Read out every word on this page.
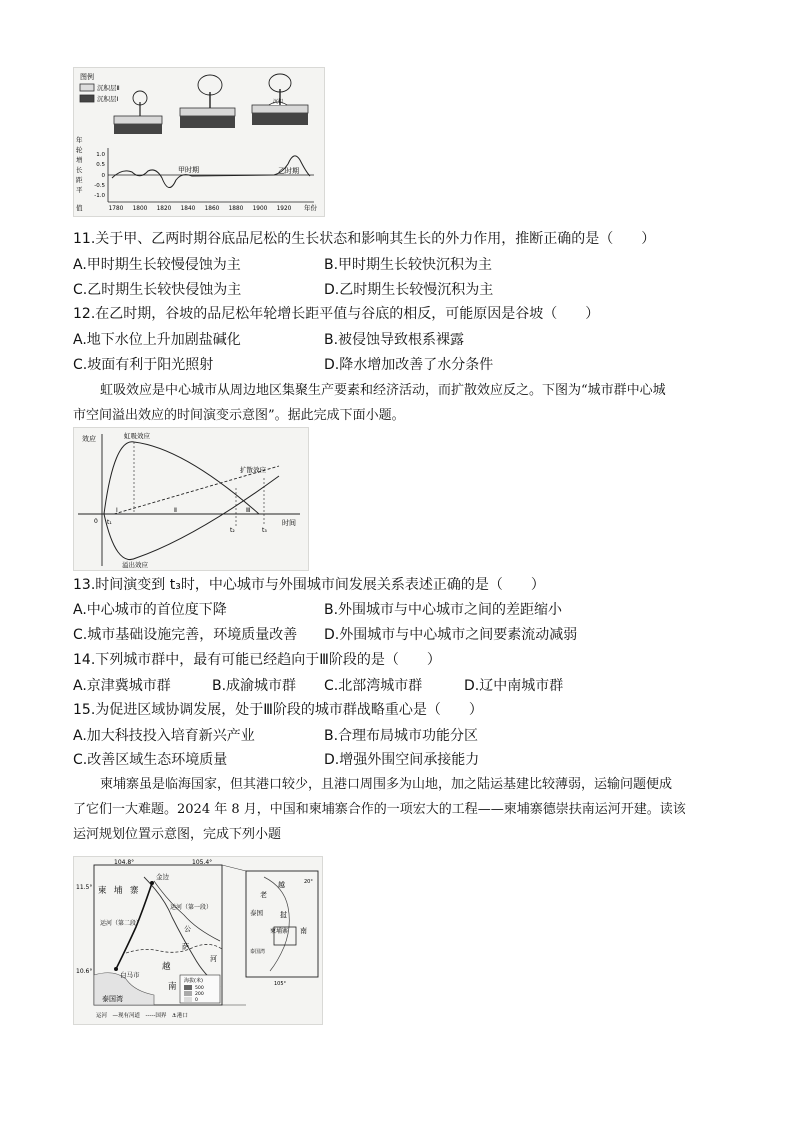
图例
沉积层Ⅱ
沉积层Ⅰ	沉积
年
轮
增
长
距
平
值
1.0
0.5
0
-0.5
-1.0
甲时期	乙时期
1780 1800 1820 1840 1860 1880 1900 1920 年份
11.关于甲、乙两时期谷底品尼松的生长状态和影响其生长的外力作用，推断正确的是（　　）
A.甲时期生长较慢侵蚀为主	B.甲时期生长较快沉积为主
C.乙时期生长较快侵蚀为主	D.乙时期生长较慢沉积为主
12.在乙时期，谷坡的品尼松年轮增长距平值与谷底的相反，可能原因是谷坡（　　）
A.地下水位上升加剧盐碱化	B.被侵蚀导致根系裸露
C.坡面有利于阳光照射	D.降水增加改善了水分条件
虹吸效应是中心城市从周边地区集聚生产要素和经济活动，而扩散效应反之。下图为“城市群中心城
市空间溢出效应的时间演变示意图”。据此完成下面小题。
效应
时间
0
虹吸效应
扩散效应
溢出效应
Ⅰ	Ⅱ	Ⅲ
t₁
t₂	t₃
13.时间演变到 t₃时，中心城市与外围城市间发展关系表述正确的是（　　）
A.中心城市的首位度下降	B.外围城市与中心城市之间的差距缩小
C.城市基础设施完善，环境质量改善 D.外围城市与中心城市之间要素流动减弱
14.下列城市群中，最有可能已经趋向于Ⅲ阶段的是（　　）
A.京津冀城市群	B.成渝城市群 C.北部湾城市群	D.辽中南城市群
15.为促进区域协调发展，处于Ⅲ阶段的城市群战略重心是（　　）
A.加大科技投入培育新兴产业	B.合理布局城市功能分区
C.改善区域生态环境质量	D.增强外围空间承接能力
柬埔寨虽是临海国家，但其港口较少，且港口周围多为山地，加之陆运基建比较薄弱，运输问题便成
了它们一大难题。2024 年 8 月，中国和柬埔寨合作的一项宏大的工程——柬埔寨德崇扶南运河开建。读该
运河规划位置示意图，完成下列小题
104.8°	105.4°
11.5°
10.6°
金边
白马市
泰国湾
柬 埔 寨
运河（第一段）
运河（第二段）
公
萨
河
越
南
海拔(米)
500
200
0
运河　—现有河道　-----国界　⚓港口
越
老
泰国 挝
柬埔寨 南
泰国湾
20°
105°
